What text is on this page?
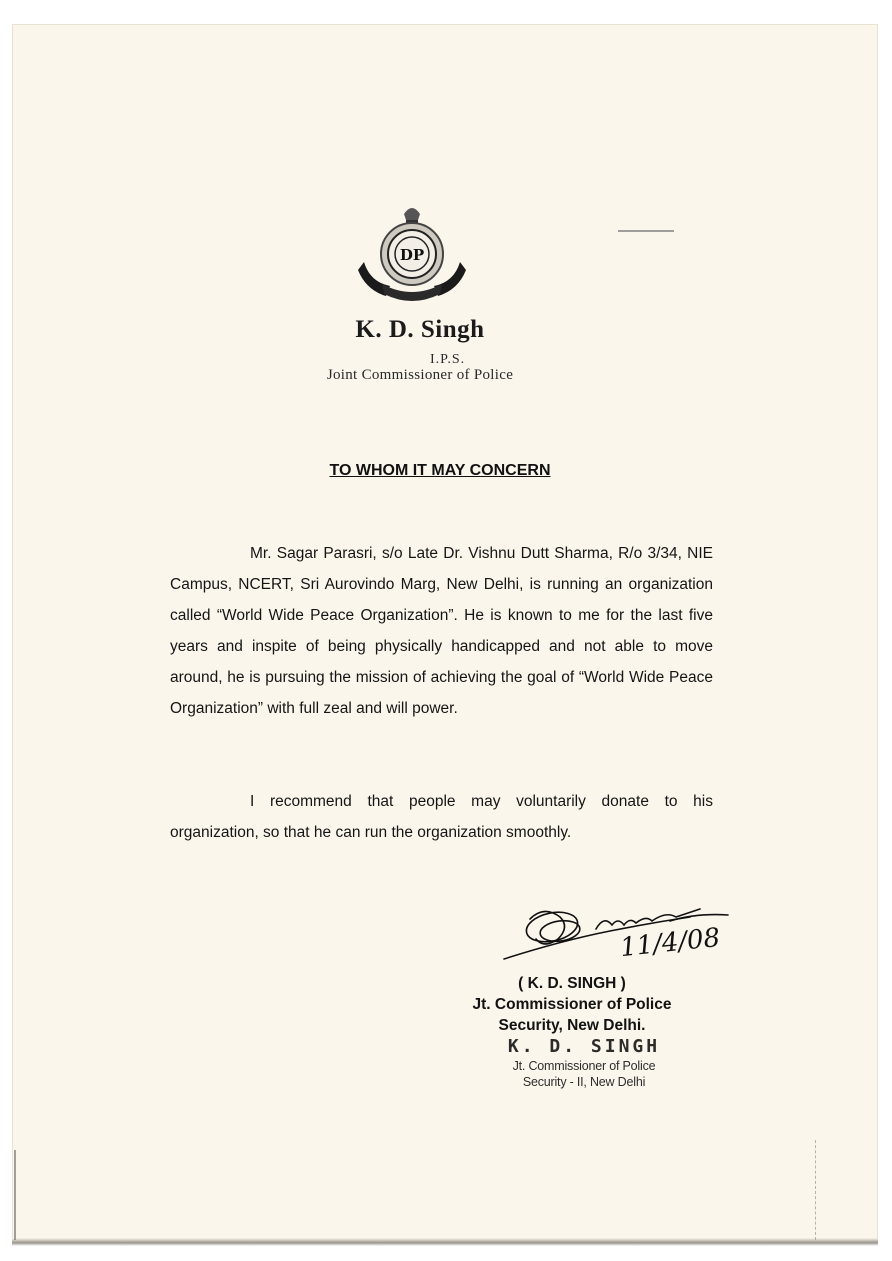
DP
K. D. Singh
I.P.S.
Joint Commissioner of Police
TO WHOM IT MAY CONCERN

Mr. Sagar Parasri, s/o Late Dr. Vishnu Dutt Sharma, R/o 3/34, NIE Campus, NCERT, Sri Aurovindo Marg, New Delhi, is running an organization called “World Wide Peace Organization”. He is known to me for the last five years and inspite of being physically handicapped and not able to move around, he is pursuing the mission of achieving the goal of “World Wide Peace Organization” with full zeal and will power.

I recommend that people may voluntarily donate to his organization, so that he can run the organization smoothly.

11/4/08
( K. D. SINGH )
Jt. Commissioner of Police
Security, New Delhi.
K. D. SINGH
Jt. Commissioner of Police
Security - II, New Delhi
